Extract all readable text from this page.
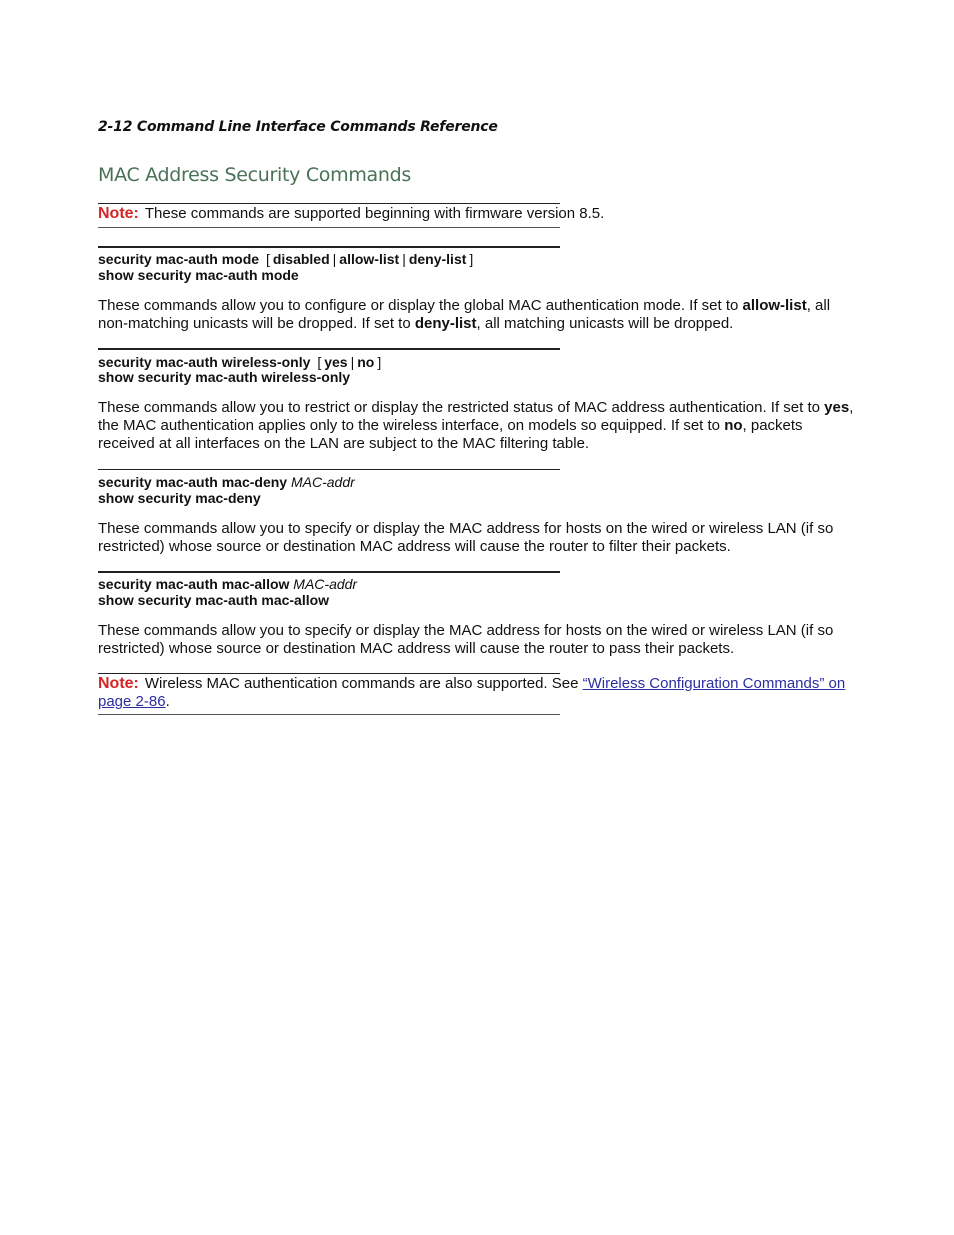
2-12 Command Line Interface Commands Reference
MAC Address Security Commands
Note: These commands are supported beginning with firmware version 8.5.
security mac-auth mode [ disabled | allow-list | deny-list ]
show security mac-auth mode
These commands allow you to configure or display the global MAC authentication mode. If set to allow-list, all non-matching unicasts will be dropped. If set to deny-list, all matching unicasts will be dropped.
security mac-auth wireless-only [ yes | no ]
show security mac-auth wireless-only
These commands allow you to restrict or display the restricted status of MAC address authentication. If set to yes, the MAC authentication applies only to the wireless interface, on models so equipped. If set to no, packets received at all interfaces on the LAN are subject to the MAC filtering table.
security mac-auth mac-deny MAC-addr
show security mac-deny
These commands allow you to specify or display the MAC address for hosts on the wired or wireless LAN (if so restricted) whose source or destination MAC address will cause the router to filter their packets.
security mac-auth mac-allow MAC-addr
show security mac-auth mac-allow
These commands allow you to specify or display the MAC address for hosts on the wired or wireless LAN (if so restricted) whose source or destination MAC address will cause the router to pass their packets.
Note: Wireless MAC authentication commands are also supported. See “Wireless Configuration Commands” on page 2-86.
